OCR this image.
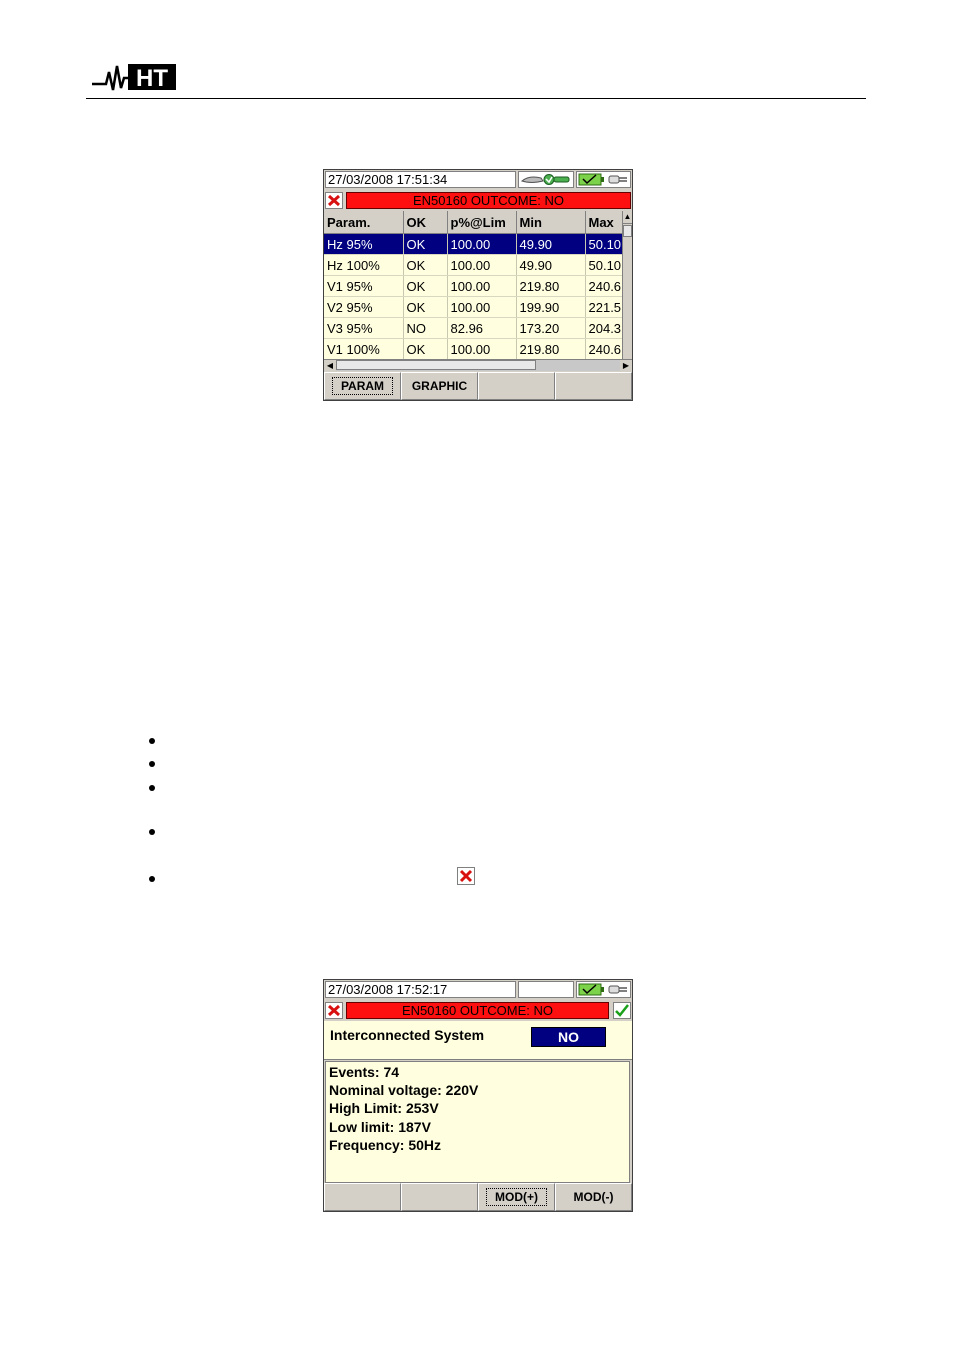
HT
27/03/2008 17:51:34
EN50160 OUTCOME: NO
Param.	OK	p%@Lim	Min	Max
Hz 95%	OK	100.00	49.90	50.10
Hz 100%	OK	100.00	49.90	50.10
V1 95%	OK	100.00	219.80	240.6
V2 95%	OK	100.00	199.90	221.5
V3 95%	NO	82.96	173.20	204.3
V1 100%	OK	100.00	219.80	240.6
▲
◀	▶
PARAM	GRAPHIC
27/03/2008 17:52:17
EN50160 OUTCOME: NO
Interconnected System	NO
Events: 74
Nominal voltage: 220V
High Limit: 253V
Low limit: 187V
Frequency: 50Hz
MOD(+)	MOD(-)
